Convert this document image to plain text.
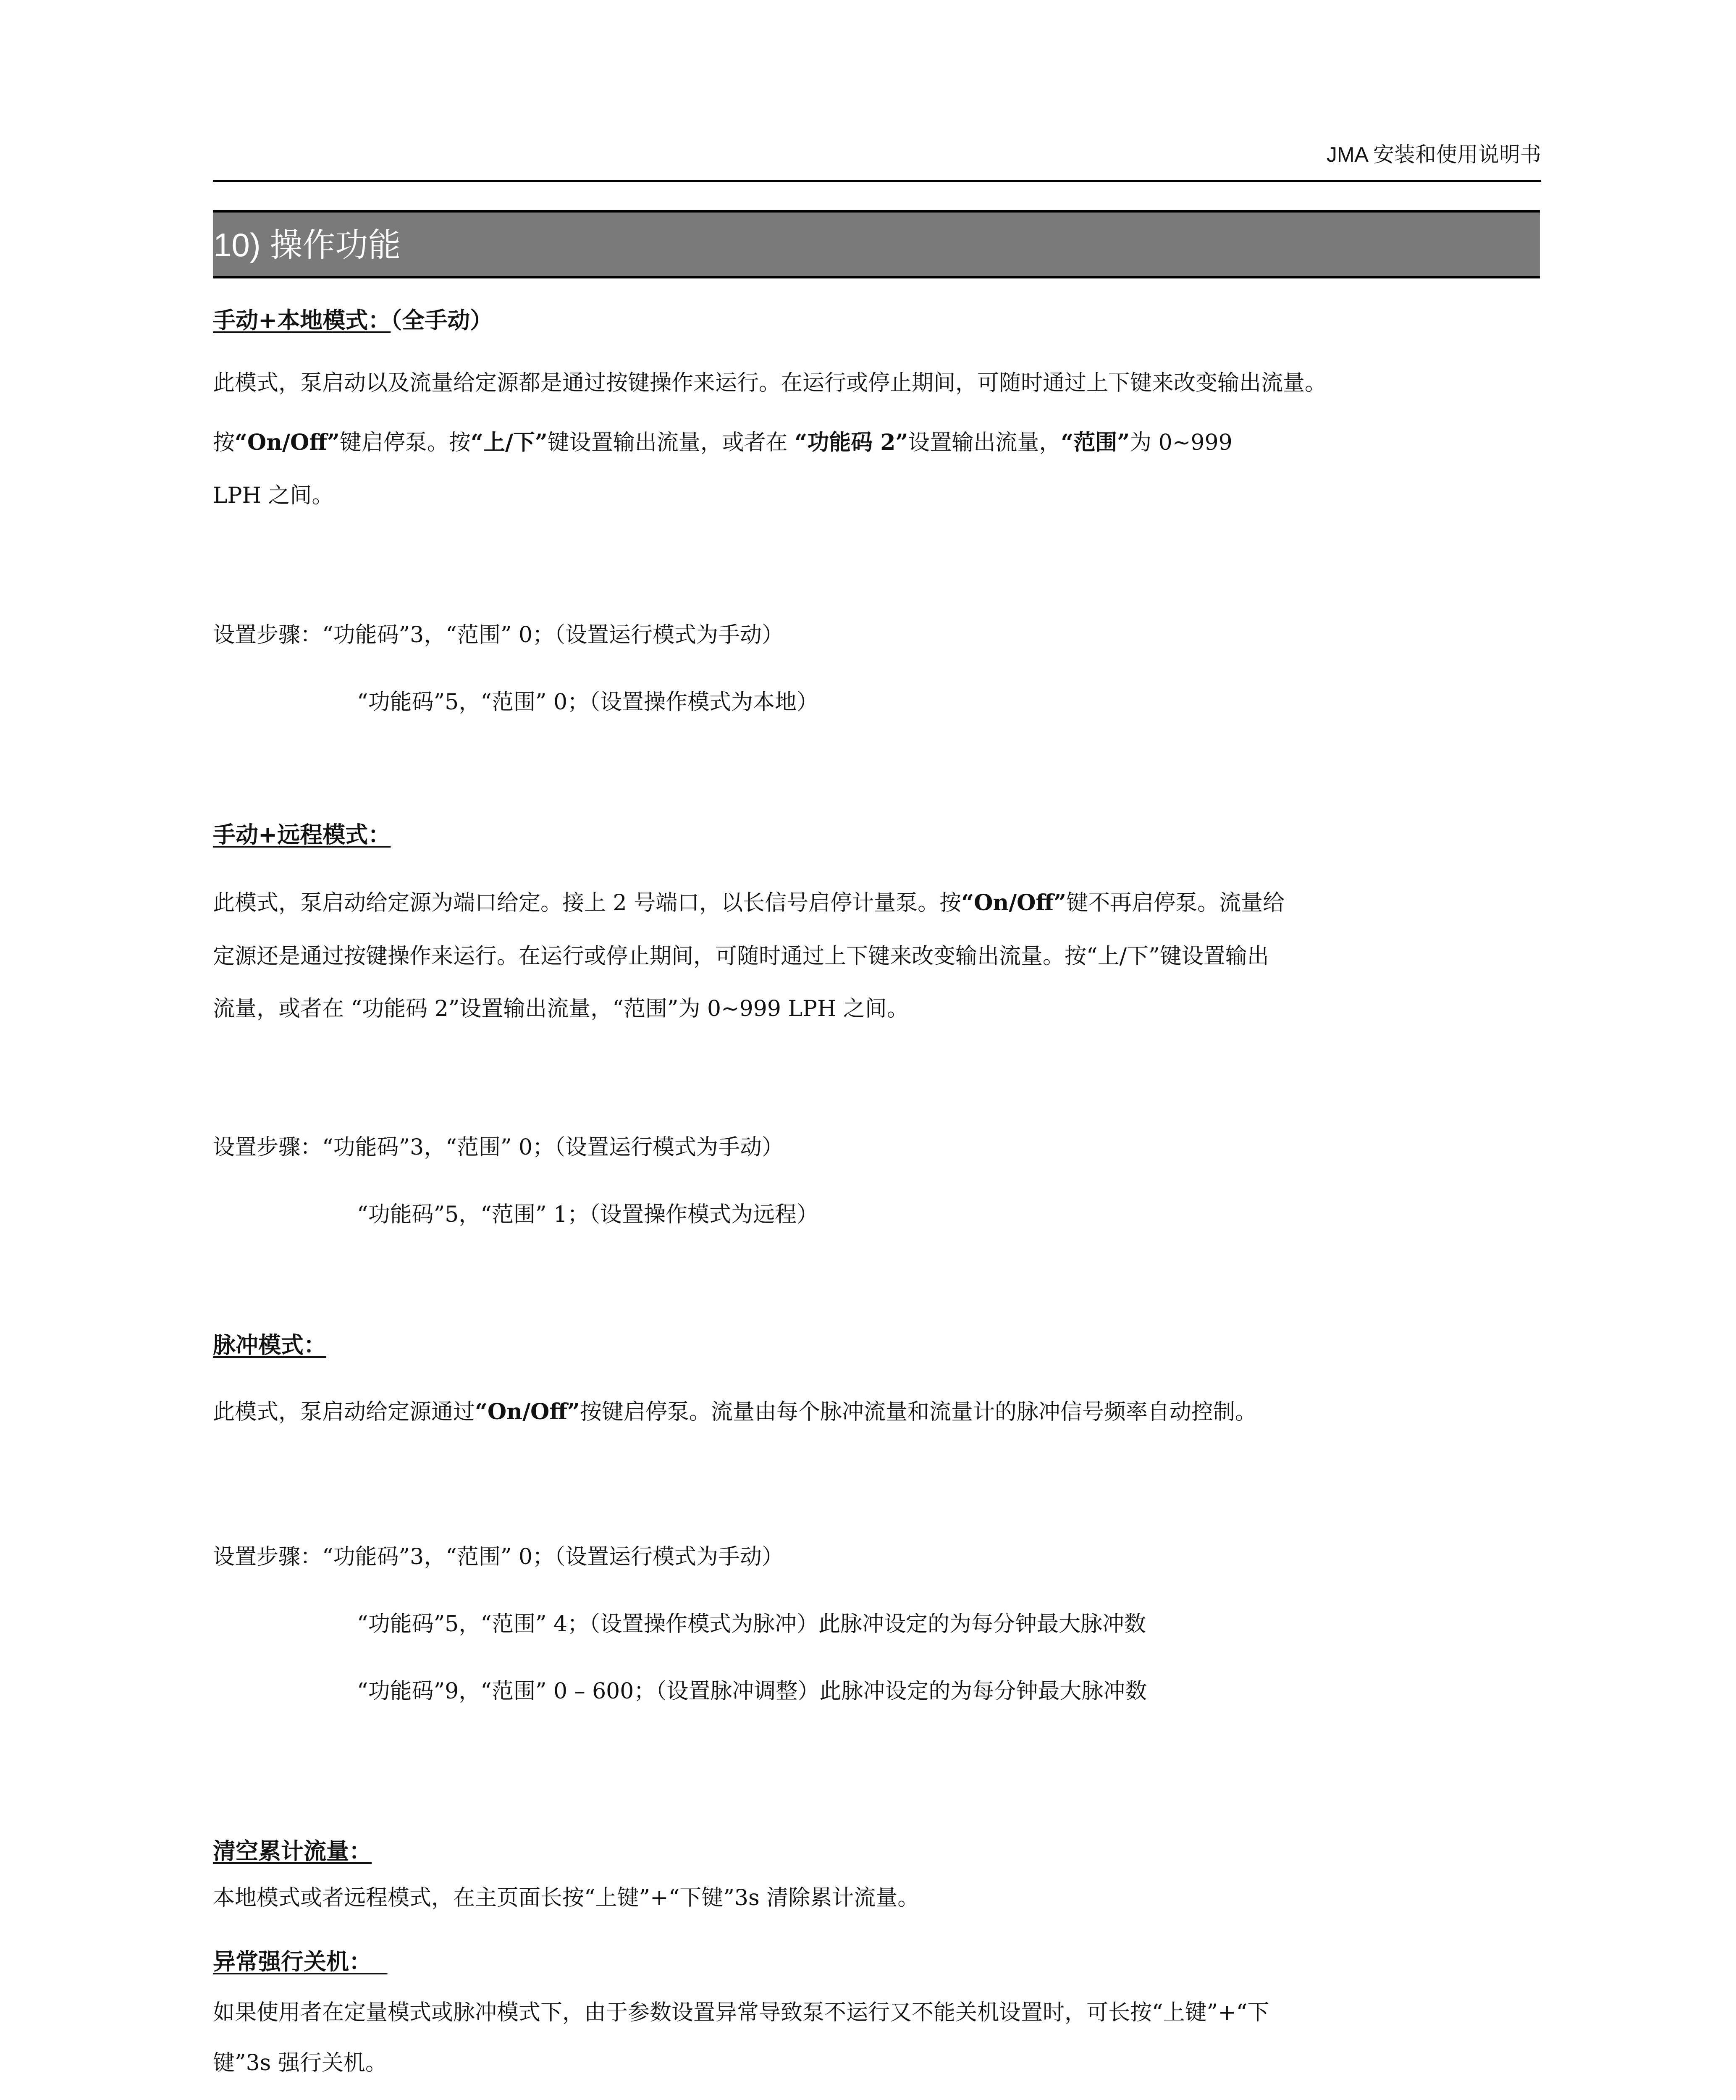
JMA 安装和使用说明书
10) 操作功能
手动+本地模式：（全手动）
此模式，泵启动以及流量给定源都是通过按键操作来运行。在运行或停止期间，可随时通过上下键来改变输出流量。
按“On/Off”键启停泵。按“上/下”键设置输出流量，或者在 “功能码 2”设置输出流量，“范围”为 0~999
LPH 之间。
设置步骤：“功能码”3，“范围” 0；（设置运行模式为手动）
“功能码”5，“范围” 0；（设置操作模式为本地）
手动+远程模式：
此模式，泵启动给定源为端口给定。接上 2 号端口，以长信号启停计量泵。按“On/Off”键不再启停泵。流量给
定源还是通过按键操作来运行。在运行或停止期间，可随时通过上下键来改变输出流量。按“上/下”键设置输出
流量，或者在 “功能码 2”设置输出流量，“范围”为 0~999 LPH 之间。
设置步骤：“功能码”3，“范围” 0；（设置运行模式为手动）
“功能码”5，“范围” 1；（设置操作模式为远程）
脉冲模式：
此模式，泵启动给定源通过“On/Off”按键启停泵。流量由每个脉冲流量和流量计的脉冲信号频率自动控制。
设置步骤：“功能码”3，“范围” 0；（设置运行模式为手动）
“功能码”5，“范围” 4；（设置操作模式为脉冲）此脉冲设定的为每分钟最大脉冲数
“功能码”9，“范围” 0 – 600；（设置脉冲调整）此脉冲设定的为每分钟最大脉冲数
清空累计流量：
本地模式或者远程模式，在主页面长按“上键”+“下键”3s 清除累计流量。
异常强行关机：
如果使用者在定量模式或脉冲模式下，由于参数设置异常导致泵不运行又不能关机设置时，可长按“上键”+“下
键”3s 强行关机。
